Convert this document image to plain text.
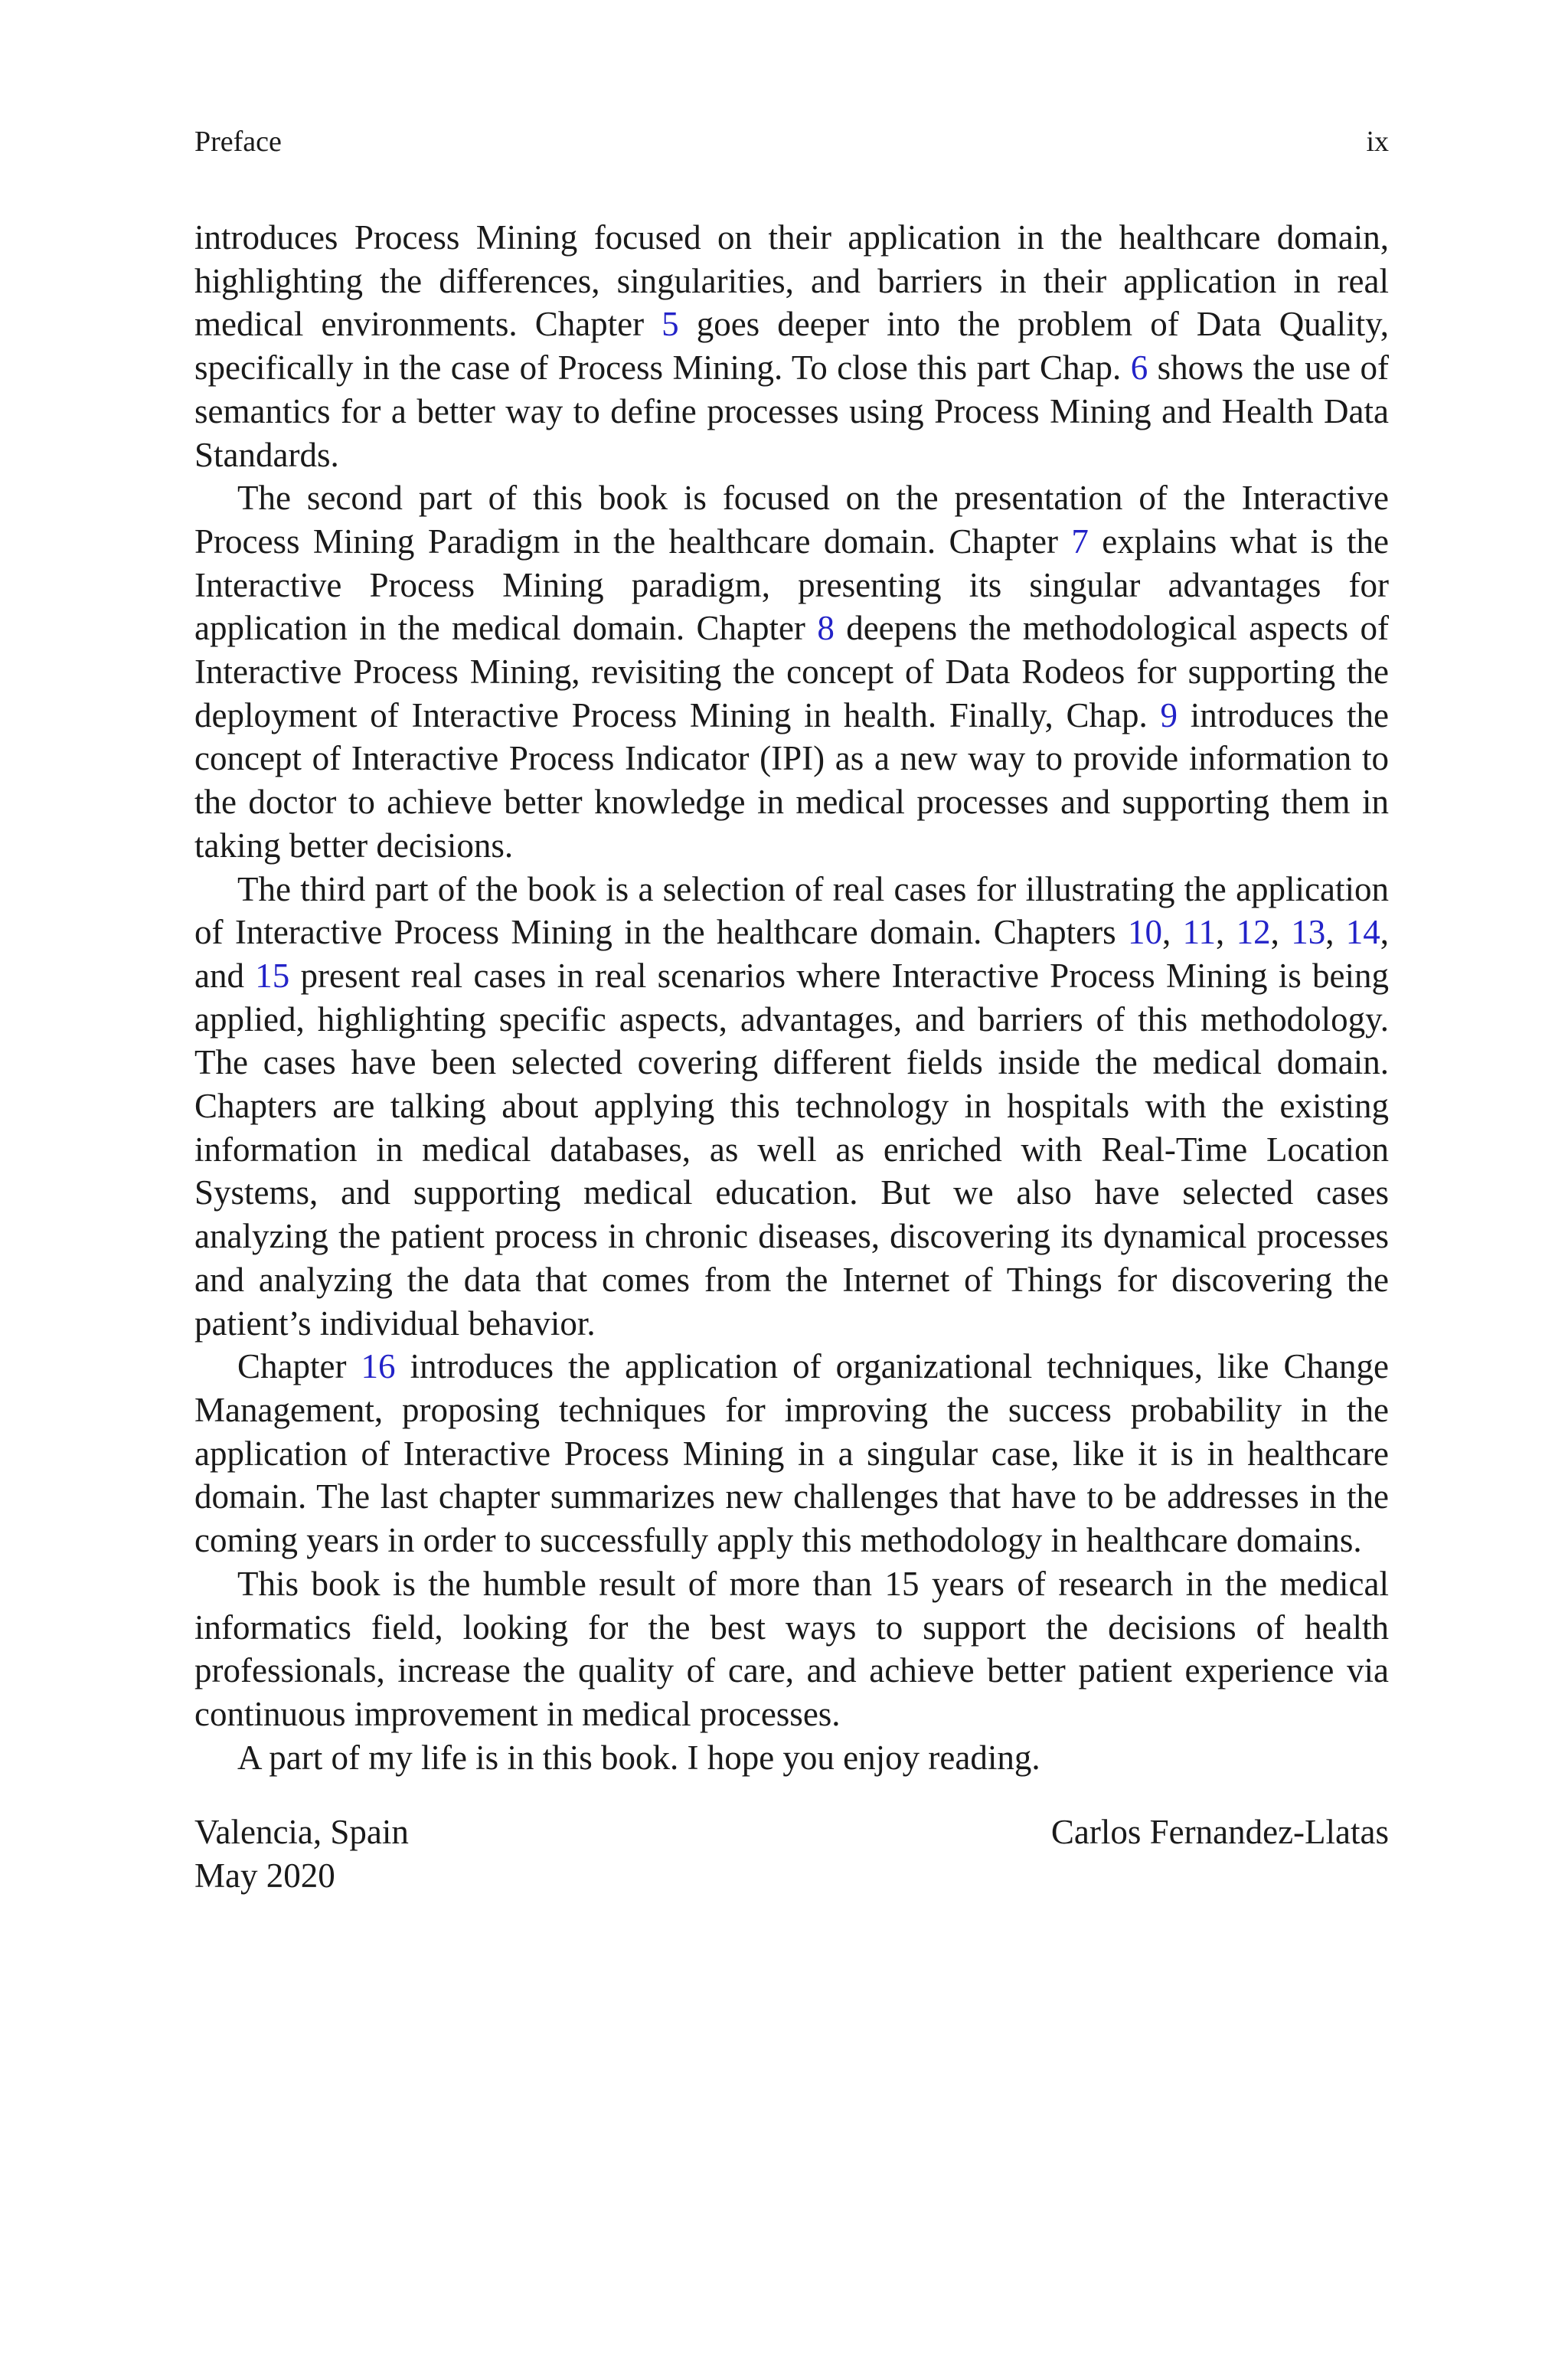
Preface	ix

introduces Process Mining focused on their application in the healthcare domain, highlighting the differences, singularities, and barriers in their application in real medical environments. Chapter 5 goes deeper into the problem of Data Quality, specifically in the case of Process Mining. To close this part Chap. 6 shows the use of semantics for a better way to define processes using Process Mining and Health Data Standards.

The second part of this book is focused on the presentation of the Interactive Process Mining Paradigm in the healthcare domain. Chapter 7 explains what is the Interactive Process Mining paradigm, presenting its singular advantages for application in the medical domain. Chapter 8 deepens the methodological aspects of Interactive Process Mining, revisiting the concept of Data Rodeos for supporting the deployment of Interactive Process Mining in health. Finally, Chap. 9 introduces the concept of Interactive Process Indicator (IPI) as a new way to provide information to the doctor to achieve better knowledge in medical processes and supporting them in taking better decisions.

The third part of the book is a selection of real cases for illustrating the application of Interactive Process Mining in the healthcare domain. Chapters 10, 11, 12, 13, 14, and 15 present real cases in real scenarios where Interactive Process Mining is being applied, highlighting specific aspects, advantages, and barriers of this methodology. The cases have been selected covering different fields inside the medical domain. Chapters are talking about applying this technology in hospitals with the existing information in medical databases, as well as enriched with Real-​Time Location Systems, and supporting medical education. But we also have selected cases analyzing the patient process in chronic diseases, discovering its dynamical processes and analyzing the data that comes from the Internet of Things for discovering the patient’s individual behavior.

Chapter 16 introduces the application of organizational techniques, like Change Management, proposing techniques for improving the success probability in the application of Interactive Process Mining in a singular case, like it is in healthcare domain. The last chapter summarizes new challenges that have to be addresses in the coming years in order to successfully apply this methodology in healthcare domains.

This book is the humble result of more than 15 years of research in the medical informatics field, looking for the best ways to support the decisions of health professionals, increase the quality of care, and achieve better patient experience via continuous improvement in medical processes.

A part of my life is in this book. I hope you enjoy reading.

Valencia, Spain	Carlos Fernandez-Llatas
May 2020
